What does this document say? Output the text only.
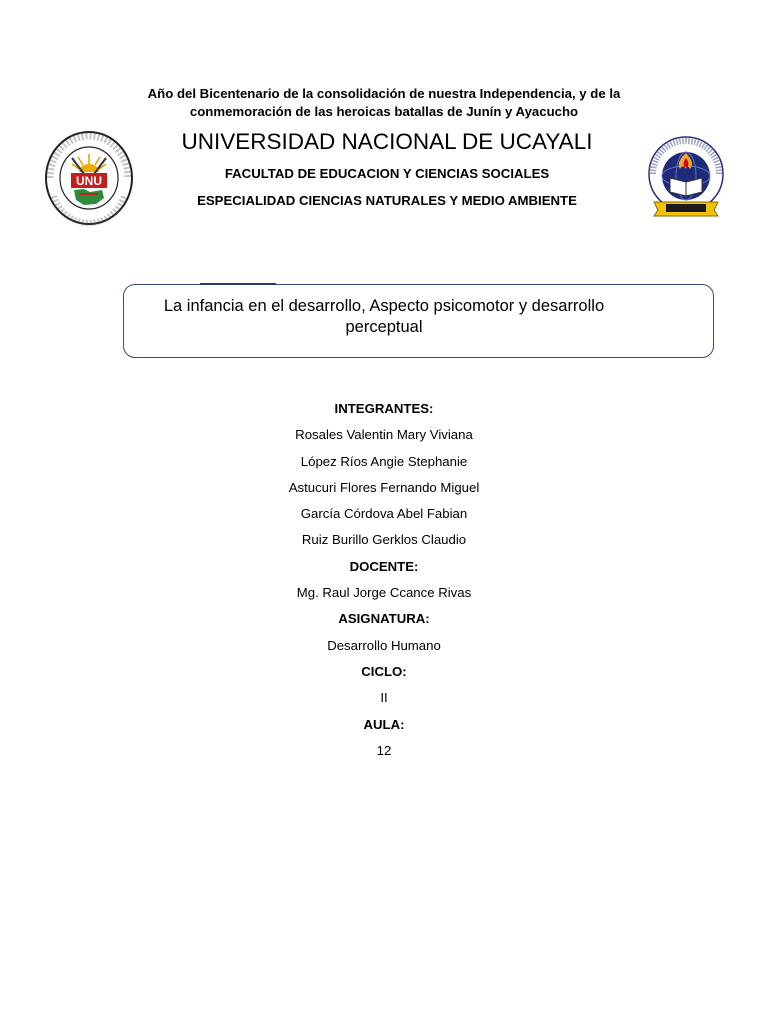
Año del Bicentenario de la consolidación de nuestra Independencia, y de la conmemoración de las heroicas batallas de Junín y Ayacucho
UNIVERSIDAD NACIONAL DE UCAYALI
FACULTAD DE EDUCACION Y CIENCIAS SOCIALES
ESPECIALIDAD CIENCIAS NATURALES Y MEDIO AMBIENTE
UNU
La infancia en el desarrollo, Aspecto psicomotor y desarrollo perceptual
INTEGRANTES:
Rosales Valentin Mary Viviana
López Ríos Angie Stephanie
Astucuri Flores Fernando Miguel
García Córdova Abel Fabian
Ruiz Burillo Gerklos Claudio
DOCENTE:
Mg. Raul Jorge Ccance Rivas
ASIGNATURA:
Desarrollo Humano
CICLO:
II
AULA:
12
